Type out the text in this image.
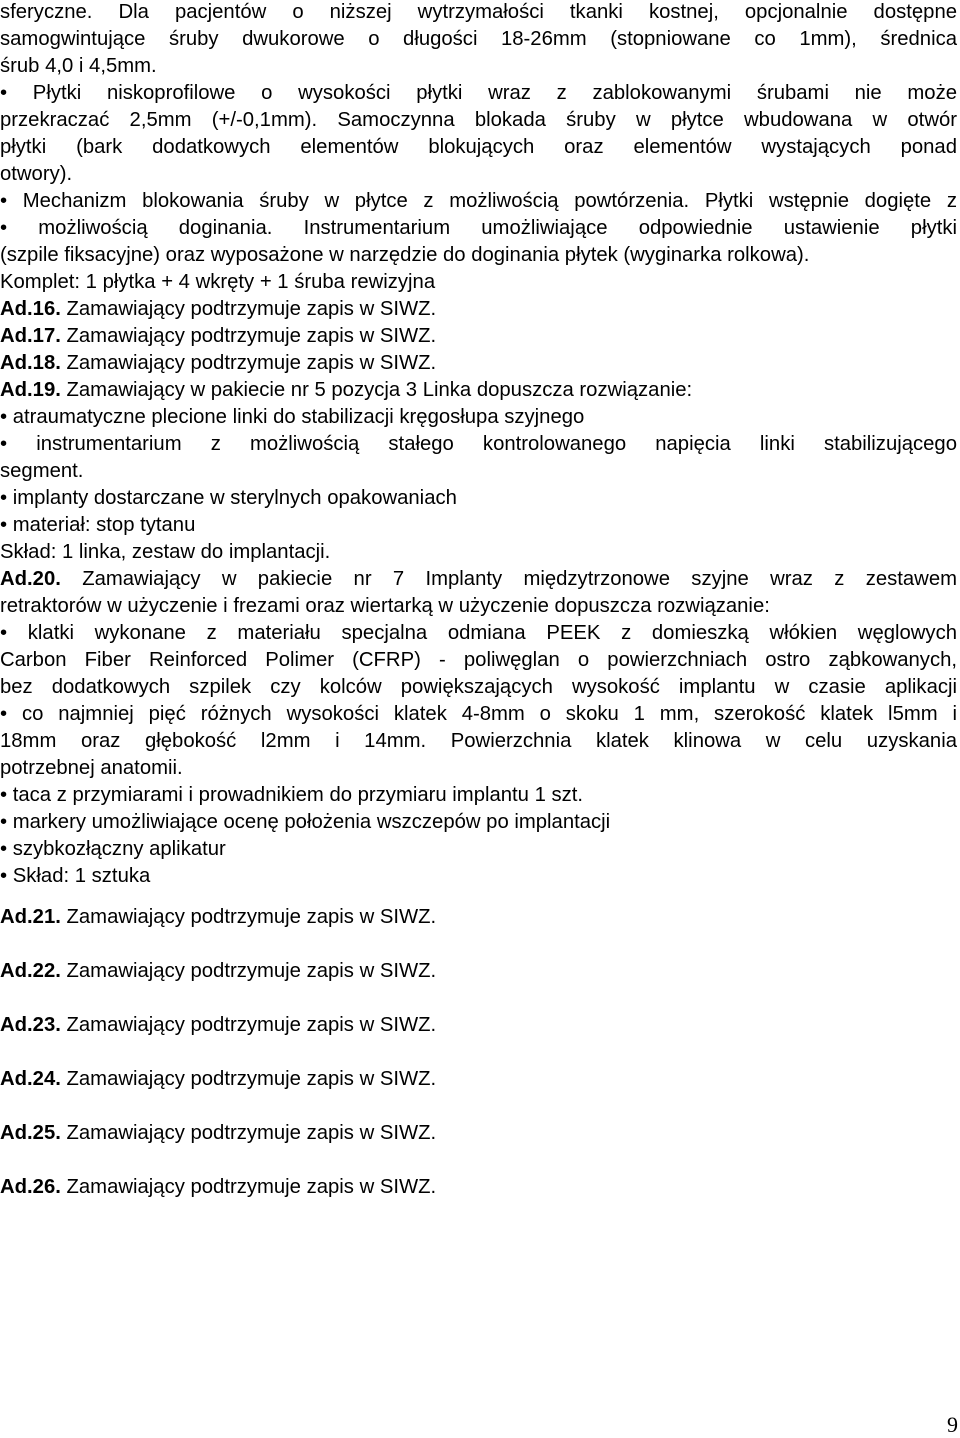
sferyczne. Dla pacjentów o niższej wytrzymałości tkanki kostnej, opcjonalnie dostępne
samogwintujące śruby dwukorowe o długości 18-26mm (stopniowane co 1mm), średnica
śrub 4,0 i 4,5mm.
• Płytki niskoprofilowe o wysokości płytki wraz z zablokowanymi śrubami nie może
przekraczać 2,5mm (+/-0,1mm). Samoczynna blokada śruby w płytce wbudowana w otwór
płytki (bark dodatkowych elementów blokujących oraz elementów wystających ponad
otwory).
• Mechanizm blokowania śruby w płytce z możliwością powtórzenia. Płytki wstępnie dogięte z
• możliwością doginania. Instrumentarium umożliwiające odpowiednie ustawienie płytki
(szpile fiksacyjne) oraz wyposażone w narzędzie do doginania płytek (wyginarka rolkowa).
Komplet: 1 płytka + 4 wkręty + 1 śruba rewizyjna
Ad.16. Zamawiający podtrzymuje zapis w SIWZ.
Ad.17. Zamawiający podtrzymuje zapis w SIWZ.
Ad.18. Zamawiający podtrzymuje zapis w SIWZ.
Ad.19. Zamawiający w pakiecie nr 5 pozycja 3 Linka dopuszcza rozwiązanie:
• atraumatyczne plecione linki do stabilizacji kręgosłupa szyjnego
• instrumentarium z możliwością stałego kontrolowanego napięcia linki stabilizującego
segment.
• implanty dostarczane w sterylnych opakowaniach
• materiał: stop tytanu
Skład: 1 linka, zestaw do implantacji.
Ad.20. Zamawiający w pakiecie nr 7 Implanty międzytrzonowe szyjne wraz z zestawem
retraktorów w użyczenie i frezami oraz wiertarką w użyczenie dopuszcza rozwiązanie:
• klatki wykonane z materiału specjalna odmiana PEEK z domieszką włókien węglowych
Carbon Fiber Reinforced Polimer (CFRP) - poliwęglan o powierzchniach ostro ząbkowanych,
bez dodatkowych szpilek czy kolców powiększających wysokość implantu w czasie aplikacji
• co najmniej pięć różnych wysokości klatek 4-8mm o skoku 1 mm, szerokość klatek l5mm i
18mm oraz głębokość l2mm i 14mm. Powierzchnia klatek klinowa w celu uzyskania
potrzebnej anatomii.
• taca z przymiarami i prowadnikiem do przymiaru implantu 1 szt.
• markery umożliwiające ocenę położenia wszczepów po implantacji
• szybkozłączny aplikatur
• Skład: 1 sztuka
Ad.21. Zamawiający podtrzymuje zapis w SIWZ.
Ad.22. Zamawiający podtrzymuje zapis w SIWZ.
Ad.23. Zamawiający podtrzymuje zapis w SIWZ.
Ad.24. Zamawiający podtrzymuje zapis w SIWZ.
Ad.25. Zamawiający podtrzymuje zapis w SIWZ.
Ad.26. Zamawiający podtrzymuje zapis w SIWZ.
9
